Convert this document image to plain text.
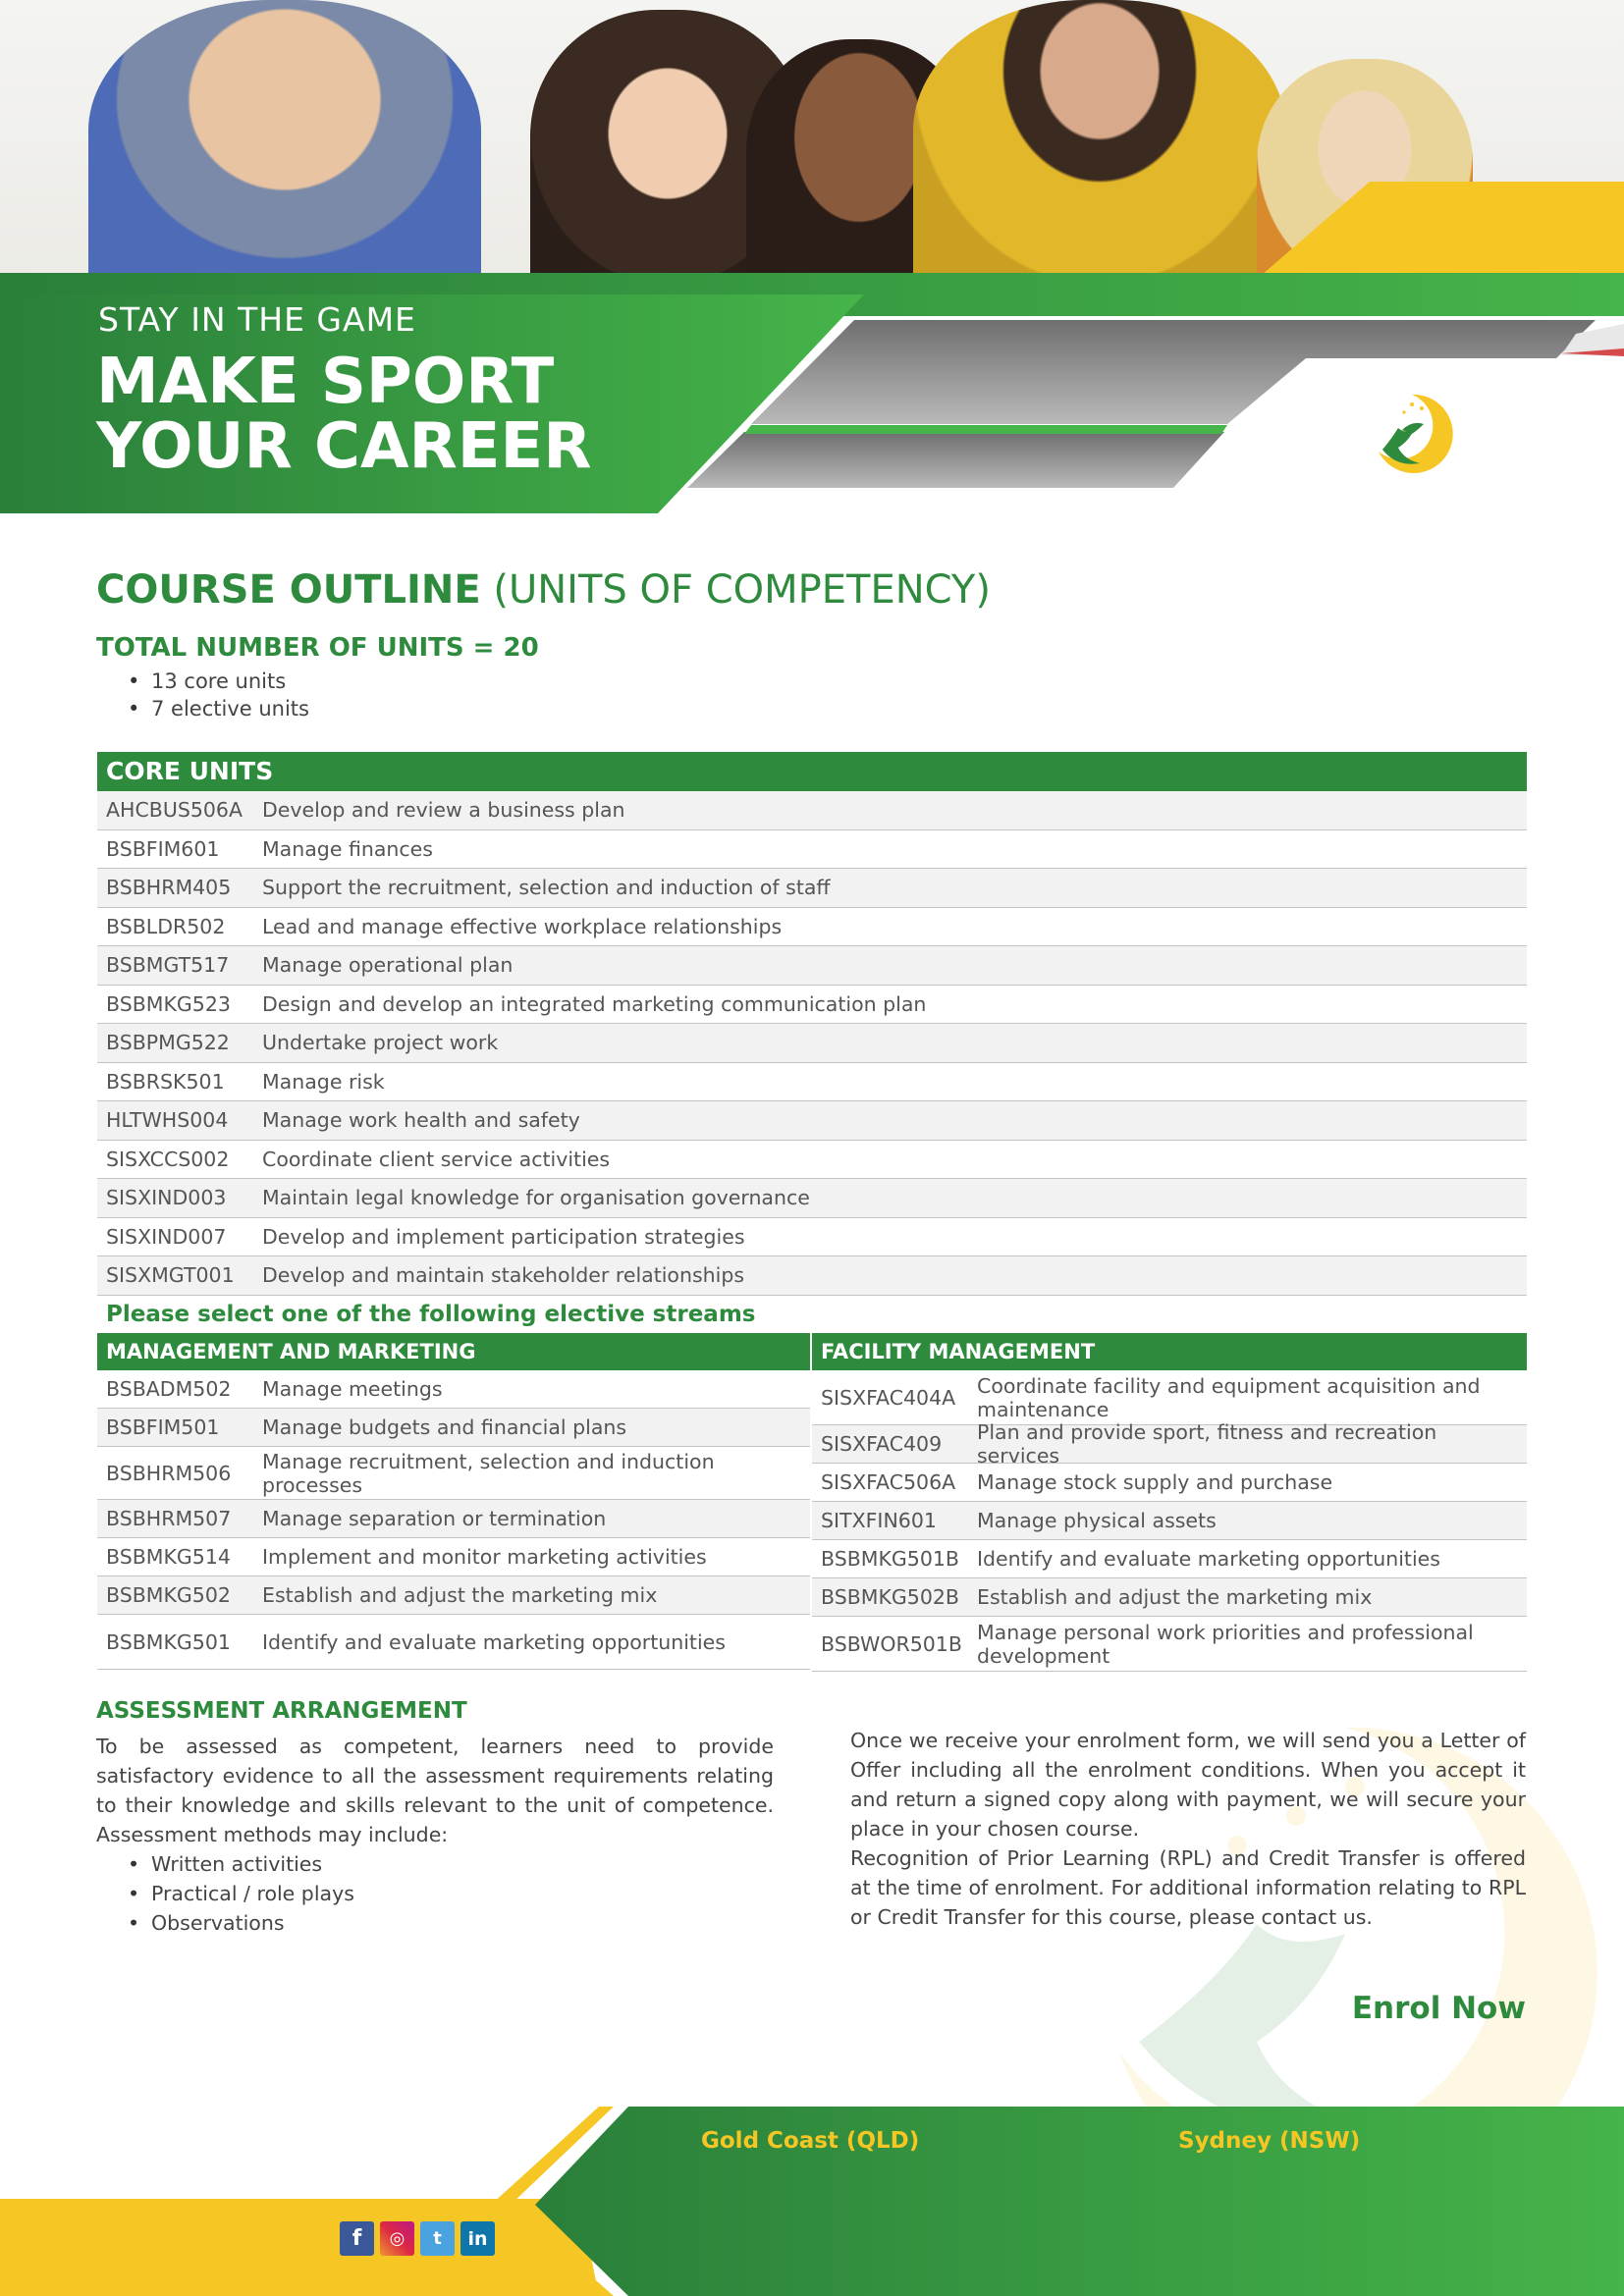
STAY IN THE GAME
MAKE SPORT
YOUR CAREER
COURSE OUTLINE (UNITS OF COMPETENCY)
TOTAL NUMBER OF UNITS = 20
• 13 core units
• 7 elective units
CORE UNITS
AHCBUS506A Develop and review a business plan
BSBFIM601	Manage finances
BSBHRM405	Support the recruitment, selection and induction of staff
BSBLDR502	Lead and manage effective workplace relationships
BSBMGT517	Manage operational plan
BSBMKG523	Design and develop an integrated marketing communication plan
BSBPMG522	Undertake project work
BSBRSK501	Manage risk
HLTWHS004	Manage work health and safety
SISXCCS002	Coordinate client service activities
SISXIND003	Maintain legal knowledge for organisation governance
SISXIND007	Develop and implement participation strategies
SISXMGT001	Develop and maintain stakeholder relationships
Please select one of the following elective streams
MANAGEMENT AND MARKETING
BSBADM502	Manage meetings
BSBFIM501	Manage budgets and financial plans
BSBHRM506	Manage recruitment, selection and induction processes
BSBHRM507	Manage separation or termination
BSBMKG514	Implement and monitor marketing activities
BSBMKG502	Establish and adjust the marketing mix
BSBMKG501	Identify and evaluate marketing opportunities
FACILITY MANAGEMENT
SISXFAC404A	Coordinate facility and equipment acquisition and maintenance
SISXFAC409	Plan and provide sport, fitness and recreation services
SISXFAC506A	Manage stock supply and purchase
SITXFIN601	Manage physical assets
BSBMKG501B Identify and evaluate marketing opportunities
BSBMKG502B Establish and adjust the marketing mix
BSBWOR501B Manage personal work priorities and professional development
ASSESSMENT ARRANGEMENT
To be assessed as competent, learners need to provide satisfactory evidence to all the assessment requirements relating to their knowledge and skills relevant to the unit of competence. Assessment methods may include:
• Written activities
• Practical / role plays
• Observations
Once we receive your enrolment form, we will send you a Letter of Offer including all the enrolment conditions. When you accept it and return a signed copy along with payment, we will secure your place in your chosen course.
Recognition of Prior Learning (RPL) and Credit Transfer is offered at the time of enrolment. For additional information relating to RPL or Credit Transfer for this course, please contact us.
Enrol Now
Gold Coast (QLD)	Sydney (NSW)
f	◎	t	in
